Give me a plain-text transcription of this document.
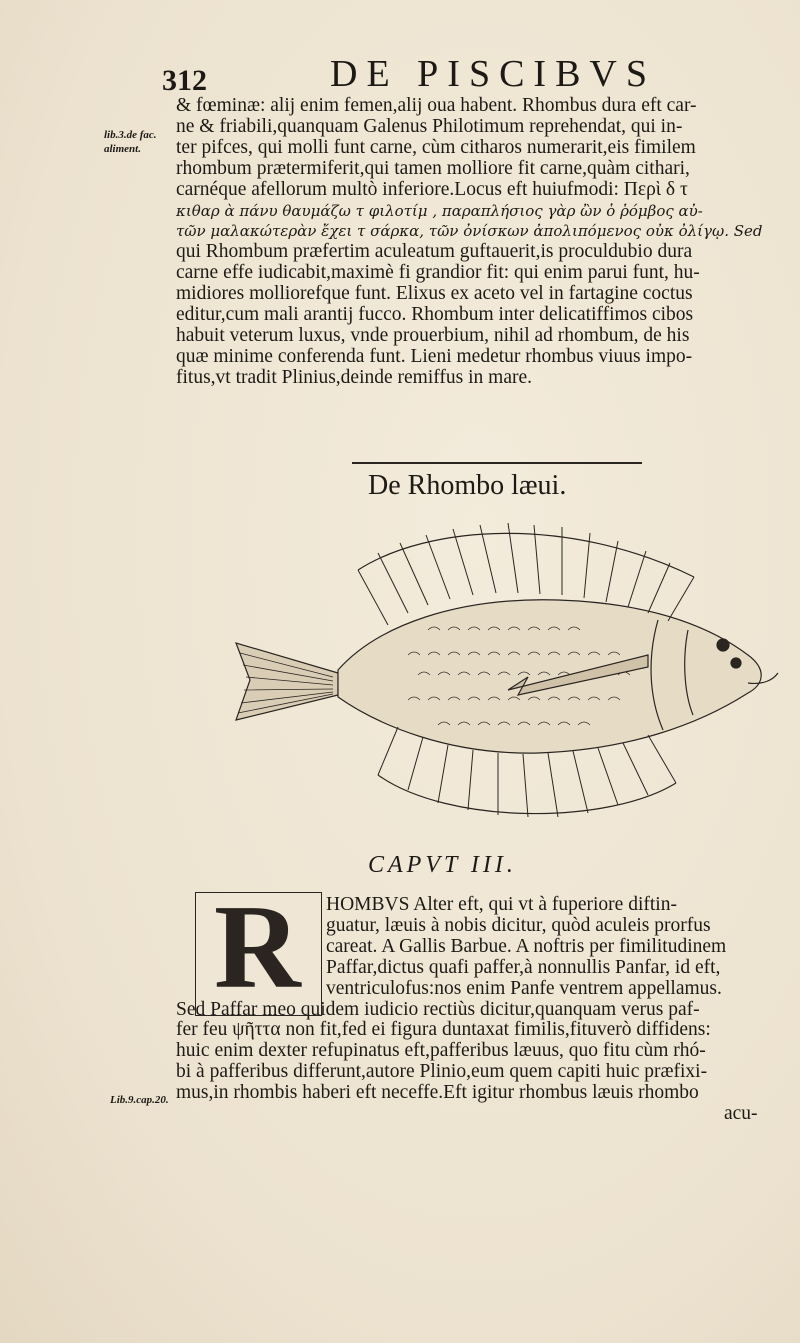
312	DE PISCIBVS
lib.3.de fac.
aliment.
& fœminæ: alij enim femen,alij oua habent. Rhombus dura eft car-
ne & friabili,quanquam Galenus Philotimum reprehendat, qui in-
ter pifces, qui molli funt carne, cùm citharos numerarit,eis fimilem
rhombum prætermiferit,qui tamen molliore fit carne,quàm cithari,
carnéque afellorum multò inferiore.Locus eft huiufmodi: Περὶ δ τ
κιθαρ ὰ πάνυ θαυμάζω τ φιλοτίμ , παραπλήσιος γὰρ ὢν ὁ ῥόμβος αὐ-
τῶν μαλακώτερὰν ἔχει τ σάρκα, τῶν ὀνίσκων ἀπολιπόμενος οὐκ ὀλίγῳ. Sed
qui Rhombum præfertim aculeatum guftauerit,is proculdubio dura
carne effe iudicabit,maximè fi grandior fit: qui enim parui funt, hu-
midiores molliorefque funt. Elixus ex aceto vel in fartagine coctus
editur,cum mali arantij fucco. Rhombum inter delicatiffimos cibos
habuit veterum luxus, vnde prouerbium, nihil ad rhombum, de his
quæ minime conferenda funt. Lieni medetur rhombus viuus impo-
fitus,vt tradit Plinius,deinde remiffus in mare.
De Rhombo læui.
CAPVT III.
R
Lib.9.cap.20.
HOMBVS Alter eft, qui vt à fuperiore diftin-
guatur, læuis à nobis dicitur, quòd aculeis prorfus
careat. A Gallis Barbue. A noftris per fimilitudinem
Paffar,dictus quafi paffer,à nonnullis Panfar, id eft,
ventriculofus:nos enim Panfe ventrem appellamus.
Sed Paffar meo quidem iudicio rectiùs dicitur,quanquam verus paf-
fer feu ψῆττα non fit,fed ei figura duntaxat fimilis,fituverò diffidens:
huic enim dexter refupinatus eft,pafferibus læuus, quo fitu cùm rhó-
bi à pafferibus differunt,autore Plinio,eum quem capiti huic præfixi-
mus,in rhombis haberi eft neceffe.Eft igitur rhombus læuis rhombo
acu-
